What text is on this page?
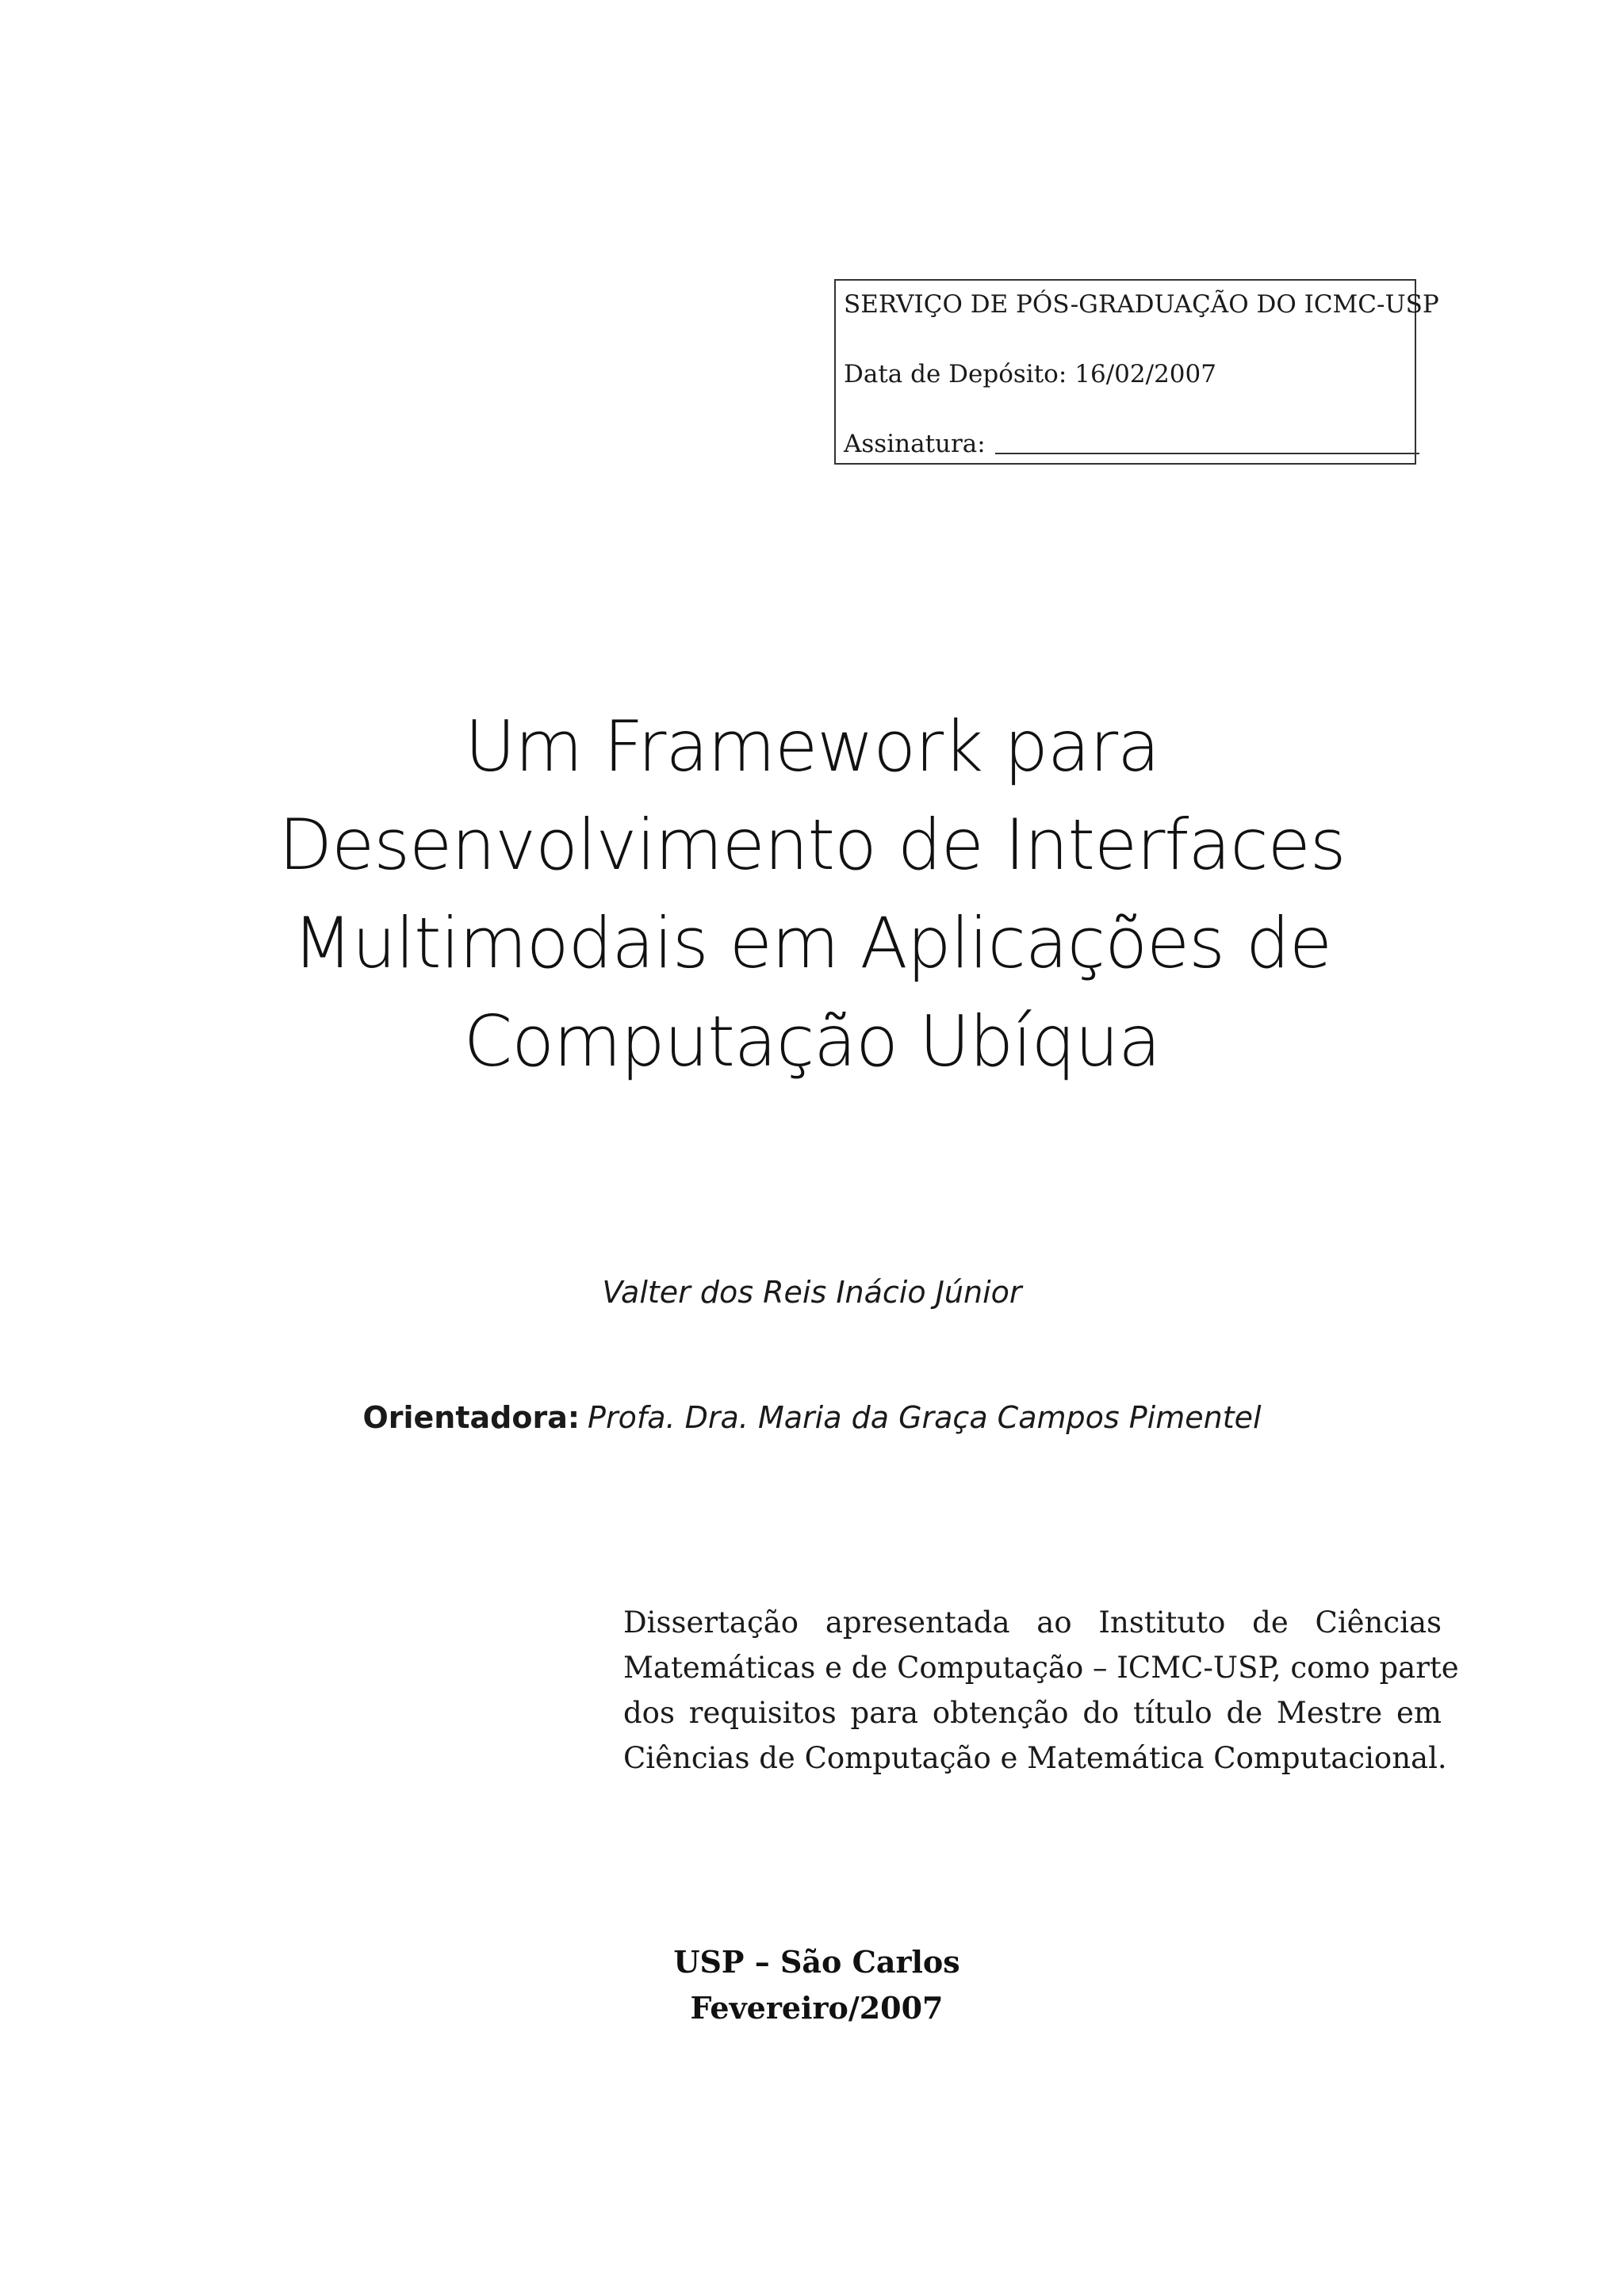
SERVIÇO DE PÓS-GRADUAÇÃO DO ICMC-USP
Data de Depósito: 16/02/2007
Assinatura:
Um Framework para
Desenvolvimento de Interfaces
Multimodais em Aplicações de
Computação Ubíqua
Valter dos Reis Inácio Júnior
Orientadora: Profa. Dra. Maria da Graça Campos Pimentel
Dissertação apresentada ao Instituto de Ciências
Matemáticas e de Computação – ICMC-USP, como parte
dos requisitos para obtenção do título de Mestre em
Ciências de Computação e Matemática Computacional.
USP – São Carlos
Fevereiro/2007
